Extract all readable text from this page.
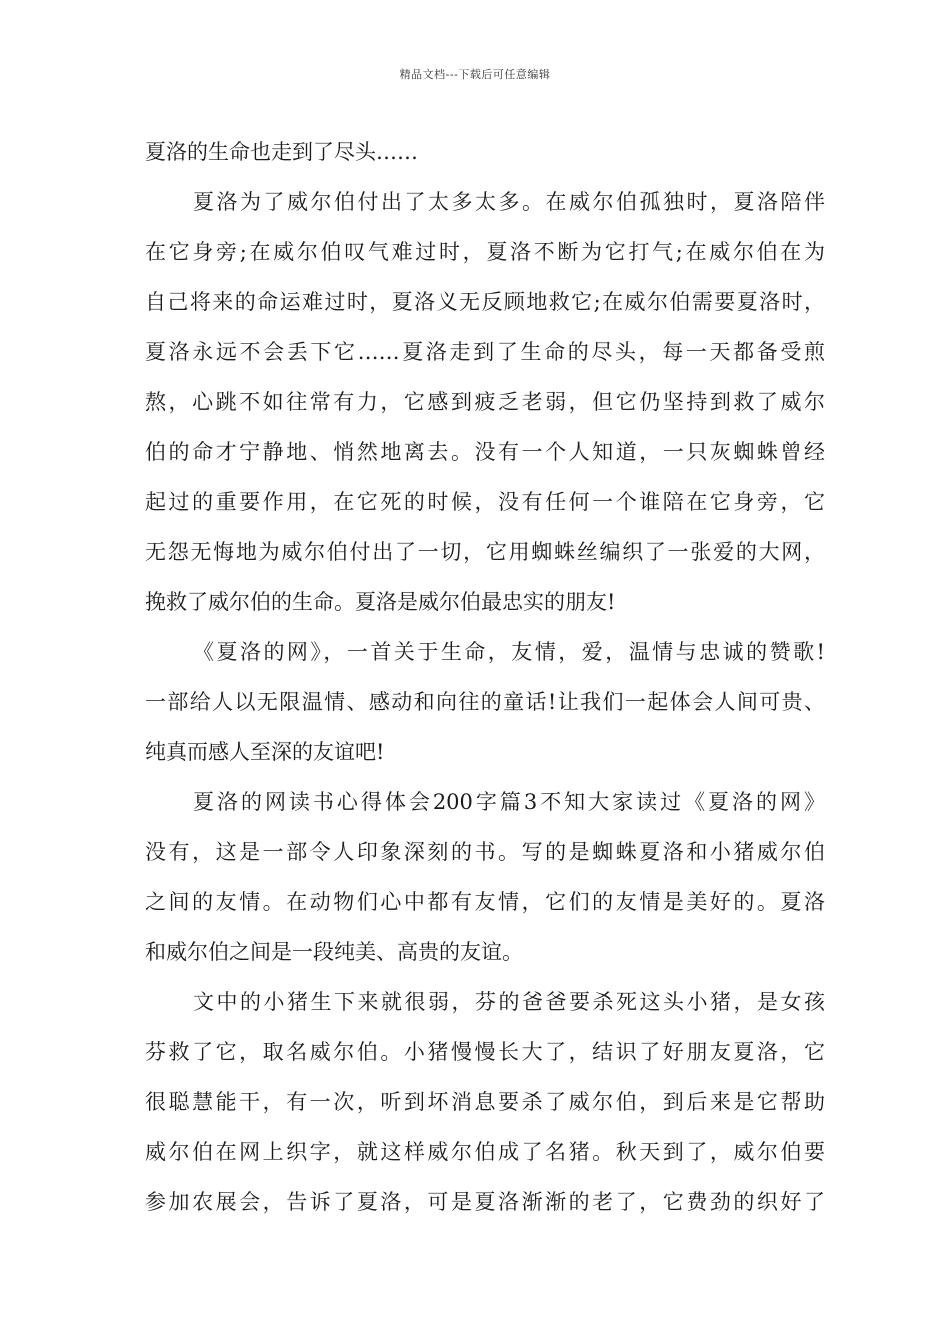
精品文档---下载后可任意编辑
夏洛的生命也走到了尽头……
夏洛为了威尔伯付出了太多太多。在威尔伯孤独时，夏洛陪伴
在它身旁;在威尔伯叹气难过时，夏洛不断为它打气;在威尔伯在为
自己将来的命运难过时，夏洛义无反顾地救它;在威尔伯需要夏洛时，
夏洛永远不会丢下它……夏洛走到了生命的尽头，每一天都备受煎
熬，心跳不如往常有力，它感到疲乏老弱，但它仍坚持到救了威尔
伯的命才宁静地、悄然地离去。没有一个人知道，一只灰蜘蛛曾经
起过的重要作用，在它死的时候，没有任何一个谁陪在它身旁，它
无怨无悔地为威尔伯付出了一切，它用蜘蛛丝编织了一张爱的大网，
挽救了威尔伯的生命。夏洛是威尔伯最忠实的朋友!
《夏洛的网》，一首关于生命，友情，爱，温情与忠诚的赞歌!
一部给人以无限温情、感动和向往的童话!让我们一起体会人间可贵、
纯真而感人至深的友谊吧!
夏洛的网读书心得体会200字篇3不知大家读过《夏洛的网》
没有，这是一部令人印象深刻的书。写的是蜘蛛夏洛和小猪威尔伯
之间的友情。在动物们心中都有友情，它们的友情是美好的。夏洛
和威尔伯之间是一段纯美、高贵的友谊。
文中的小猪生下来就很弱，芬的爸爸要杀死这头小猪，是女孩
芬救了它，取名威尔伯。小猪慢慢长大了，结识了好朋友夏洛，它
很聪慧能干，有一次，听到坏消息要杀了威尔伯，到后来是它帮助
威尔伯在网上织字，就这样威尔伯成了名猪。秋天到了，威尔伯要
参加农展会，告诉了夏洛，可是夏洛渐渐的老了，它费劲的织好了
